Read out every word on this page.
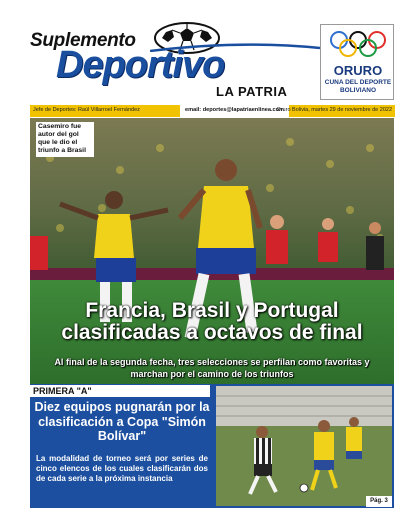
Suplemento
Deportivo
LA PATRIA
ORURO
CUNA DEL DEPORTE BOLIVIANO
Jefe de Deportes: Raúl Villarroel Fernández	email: deportes@lapatriaenlinea.com
Oruro Bolivia, martes 29 de noviembre de 2022
Casemiro fue autor del gol que le dio el triunfo a Brasil
Francia, Brasil y Portugal clasificadas a octavos de final
Al final de la segunda fecha, tres selecciones se perfilan como favoritas y marchan por el camino de los triunfos
PRIMERA "A"
Diez equipos pugnarán por la clasificación a Copa "Simón Bolívar"
La modalidad de torneo será por series de cinco elencos de los cuales clasificarán dos de cada serie a la próxima instancia
Pág. 3
